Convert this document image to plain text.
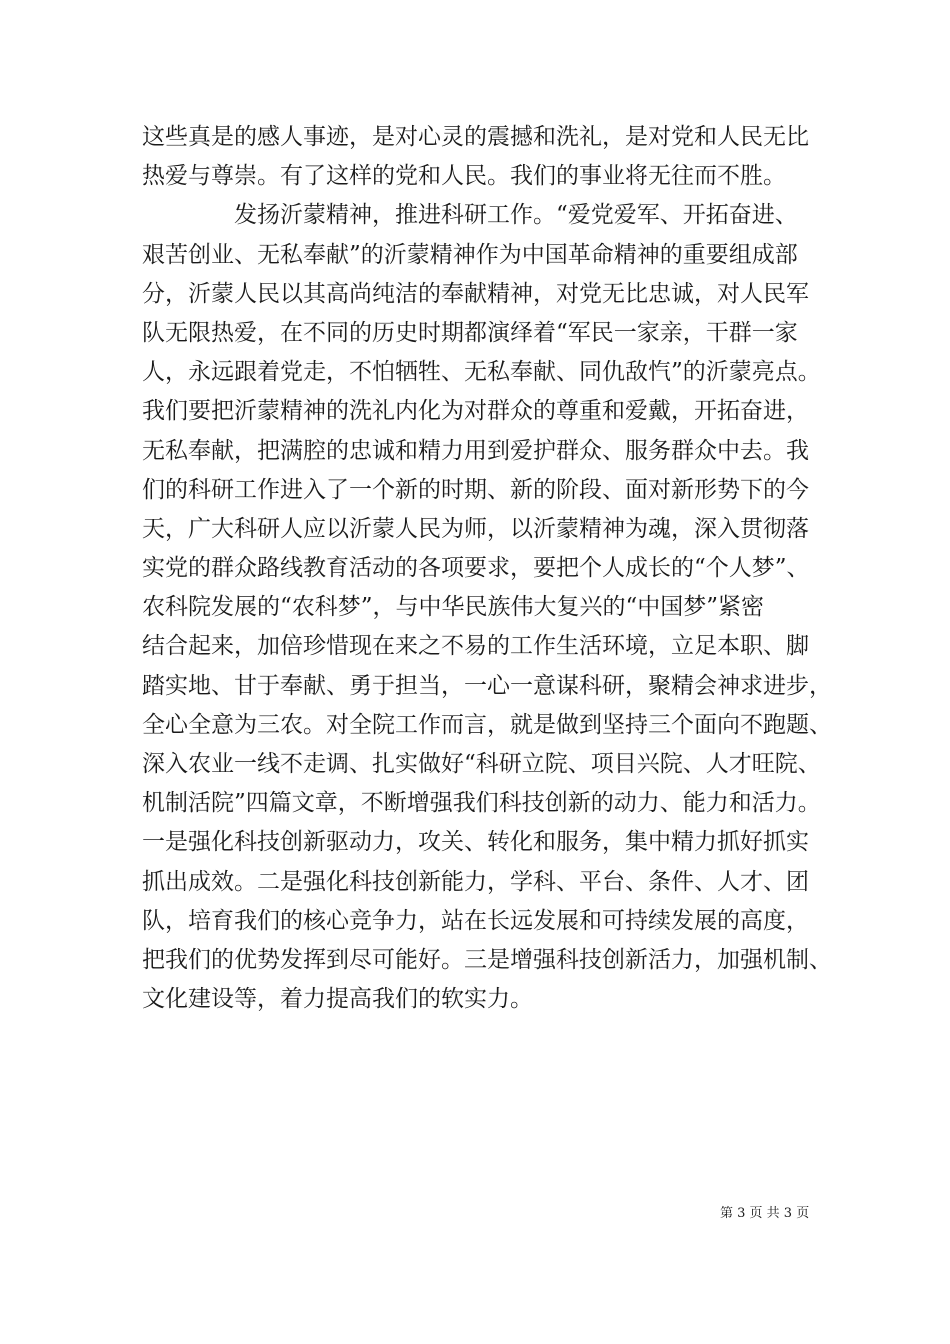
这些真是的感人事迹，是对心灵的震撼和洗礼，是对党和人民无比
热爱与尊崇。有了这样的党和人民。我们的事业将无往而不胜。
　　　　发扬沂蒙精神，推进科研工作。“爱党爱军、开拓奋进、
艰苦创业、无私奉献”的沂蒙精神作为中国革命精神的重要组成部
分，沂蒙人民以其高尚纯洁的奉献精神，对党无比忠诚，对人民军
队无限热爱，在不同的历史时期都演绎着“军民一家亲，干群一家
人，永远跟着党走，不怕牺牲、无私奉献、同仇敌忾”的沂蒙亮点。
我们要把沂蒙精神的洗礼内化为对群众的尊重和爱戴，开拓奋进，
无私奉献，把满腔的忠诚和精力用到爱护群众、服务群众中去。我
们的科研工作进入了一个新的时期、新的阶段、面对新形势下的今
天，广大科研人应以沂蒙人民为师，以沂蒙精神为魂，深入贯彻落
实党的群众路线教育活动的各项要求，要把个人成长的“个人梦”、
农科院发展的“农科梦”，与中华民族伟大复兴的“中国梦”紧密
结合起来，加倍珍惜现在来之不易的工作生活环境，立足本职、脚
踏实地、甘于奉献、勇于担当，一心一意谋科研，聚精会神求进步，
全心全意为三农。对全院工作而言，就是做到坚持三个面向不跑题、
深入农业一线不走调、扎实做好“科研立院、项目兴院、人才旺院、
机制活院”四篇文章，不断增强我们科技创新的动力、能力和活力。
一是强化科技创新驱动力，攻关、转化和服务，集中精力抓好抓实
抓出成效。二是强化科技创新能力，学科、平台、条件、人才、团
队，培育我们的核心竞争力，站在长远发展和可持续发展的高度，
把我们的优势发挥到尽可能好。三是增强科技创新活力，加强机制、
文化建设等，着力提高我们的软实力。
第 3 页 共 3 页
